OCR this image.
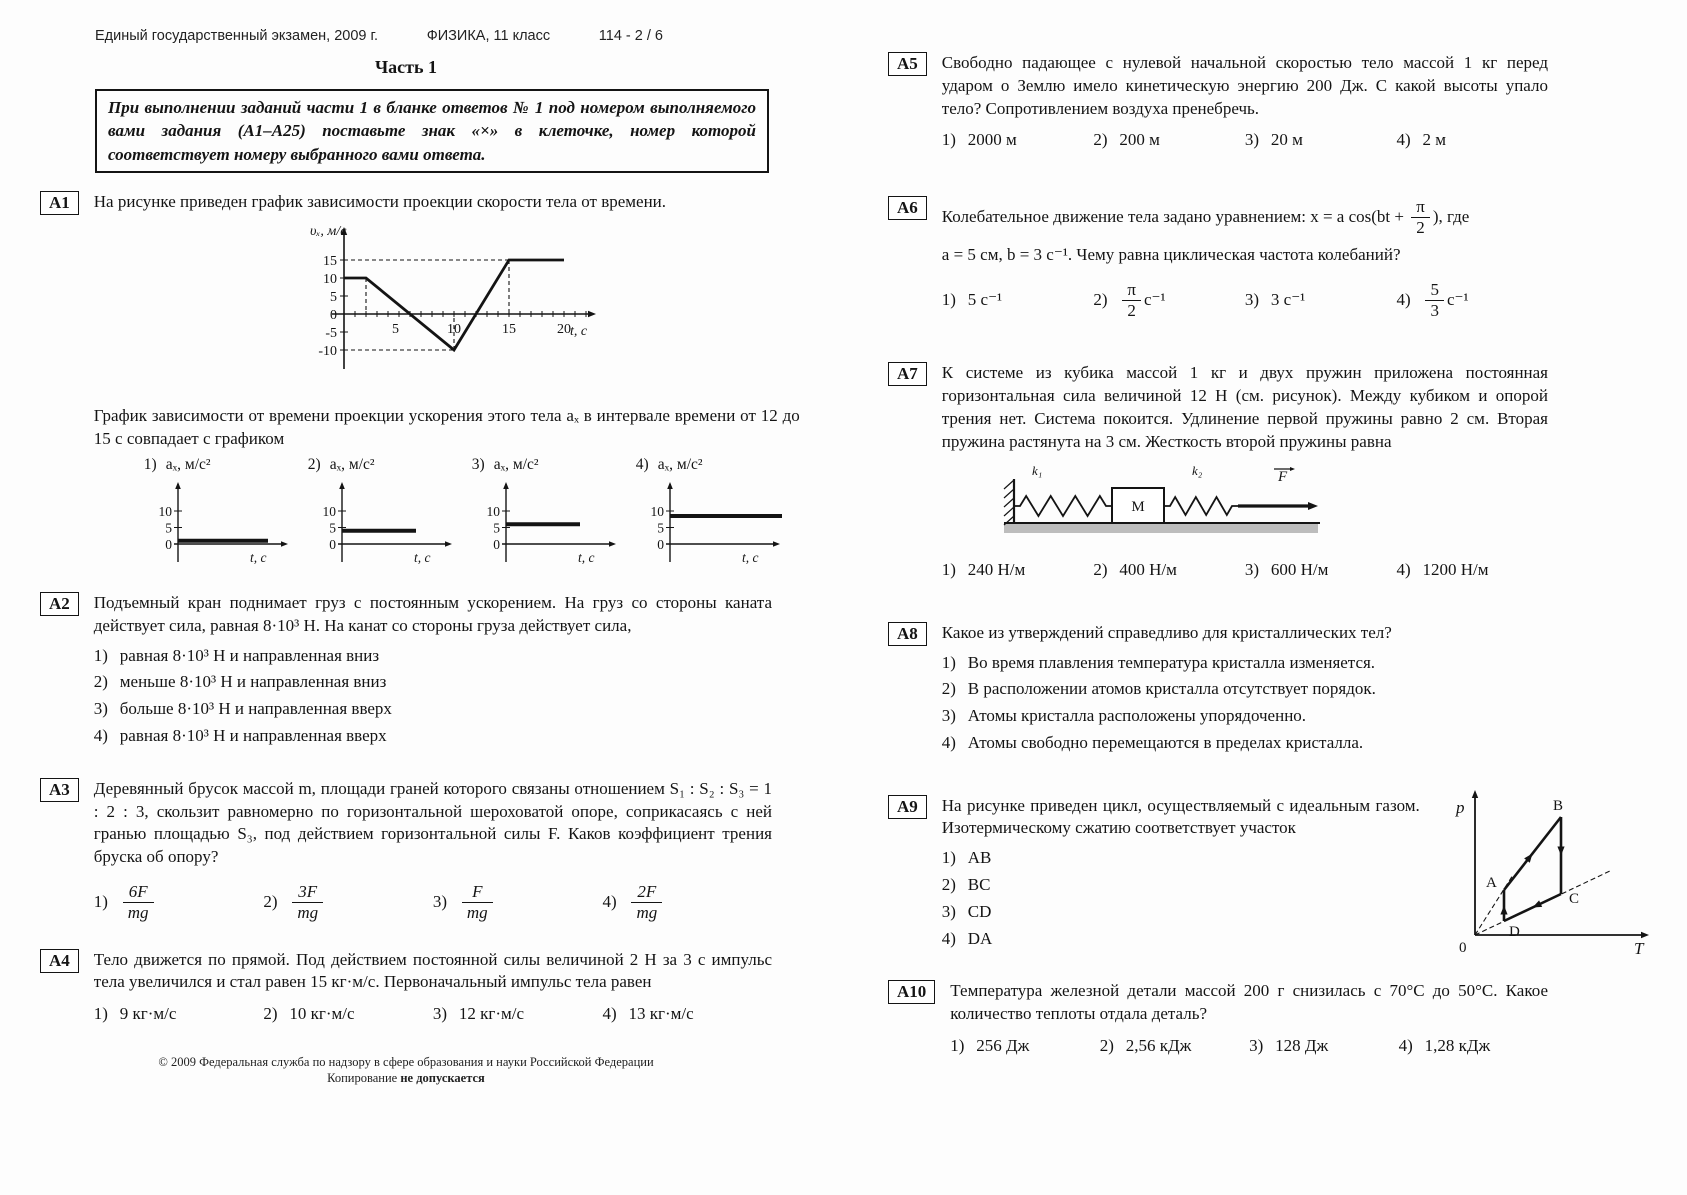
Единый государственный экзамен, 2009 г.	ФИЗИКА, 11 класс	114 - 2 / 6
Часть 1
При выполнении заданий части 1 в бланке ответов № 1 под номером выполняемого вами задания (А1–А25) поставьте знак «×» в клеточке, номер которой соответствует номеру выбранного вами ответа.
А1	На рисунке приведен график зависимости проекции скорости тела от времени.
5	10	15	20
15
10
5
0
-5
-10
υₓ, м/с
t, c
График зависимости от времени проекции ускорения этого тела aₓ в интервале времени от 12 до 15 с совпадает с графиком
1) aₓ, м/с²
10
5
0
t, c
2) aₓ, м/с²
10
5
0
t, c
3) aₓ, м/с²
10
5
0
t, c
4) aₓ, м/с²
10
5
0
t, c
А2	Подъемный кран поднимает груз с постоянным ускорением. На груз со стороны каната действует сила, равная 8·10³ Н. На канат со стороны груза действует сила,
1) равная 8·10³ Н и направленная вниз
2) меньше 8·10³ Н и направленная вниз
3) больше 8·10³ Н и направленная вверх
4) равная 8·10³ Н и направленная вверх
А3	Деревянный брусок массой m, площади граней которого связаны отношением S₁ : S₂ : S₃ = 1 : 2 : 3, скользит равномерно по горизонтальной шероховатой опоре, соприкасаясь с ней гранью площадью S₃, под действием горизонтальной силы F. Каков коэффициент трения бруска об опору?
$1) \frac{6F}{mg}$	$2) \frac{3F}{mg}$	$3) \frac{F}{mg}$	$4) \frac{2F}{mg}$
А4	Тело движется по прямой. Под действием постоянной силы величиной 2 Н за 3 с импульс тела увеличился и стал равен 15 кг·м/с. Первоначальный импульс тела равен
1) 9 кг·м/с	2) 10 кг·м/с	3) 12 кг·м/с	4) 13 кг·м/с
© 2009 Федеральная служба по надзору в сфере образования и науки Российской Федерации
Копирование не допускается
А5	Свободно падающее с нулевой начальной скоростью тело массой 1 кг перед ударом о Землю имело кинетическую энергию 200 Дж. С какой высоты упало тело? Сопротивлением воздуха пренебречь.
1) 2000 м	2) 200 м	3) 20 м	4) 2 м
А6	Колебательное движение тела задано уравнением: x = a $\cos(bt + \frac{\pi}{2}$ ), где
a = 5 см, b = 3 с⁻¹. Чему равна циклическая частота колебаний?
1) 5 с⁻¹	$2) \frac{\pi}{2} с^{-1}$	3) 3 с⁻¹	$4) \frac{5}{3} с^{-1}$
А7	К системе из кубика массой 1 кг и двух пружин приложена постоянная горизонтальная сила величиной 12 Н (см. рисунок). Между кубиком и опорой трения нет. Система покоится. Удлинение первой пружины равно 2 см. Вторая пружина растянута на 3 см. Жесткость второй пружины равна
М
F
k₁	k₂
1) 240 Н/м	2) 400 Н/м	3) 600 Н/м	4) 1200 Н/м
А8	Какое из утверждений справедливо для кристаллических тел?
1) Во время плавления температура кристалла изменяется.
2) В расположении атомов кристалла отсутствует порядок.
3) Атомы кристалла расположены упорядоченно.
4) Атомы свободно перемещаются в пределах кристалла.
А9	На рисунке приведен цикл, осуществляемый с идеальным газом. Изотермическому сжатию соответствует участок
1) AB
2) BC
3) CD
4) DA
p
T
0
A
B
C
D
А10	Температура железной детали массой 200 г снизилась с 70°С до 50°С. Какое количество теплоты отдала деталь?
1) 256 Дж	2) 2,56 кДж	3) 128 Дж	4) 1,28 кДж
